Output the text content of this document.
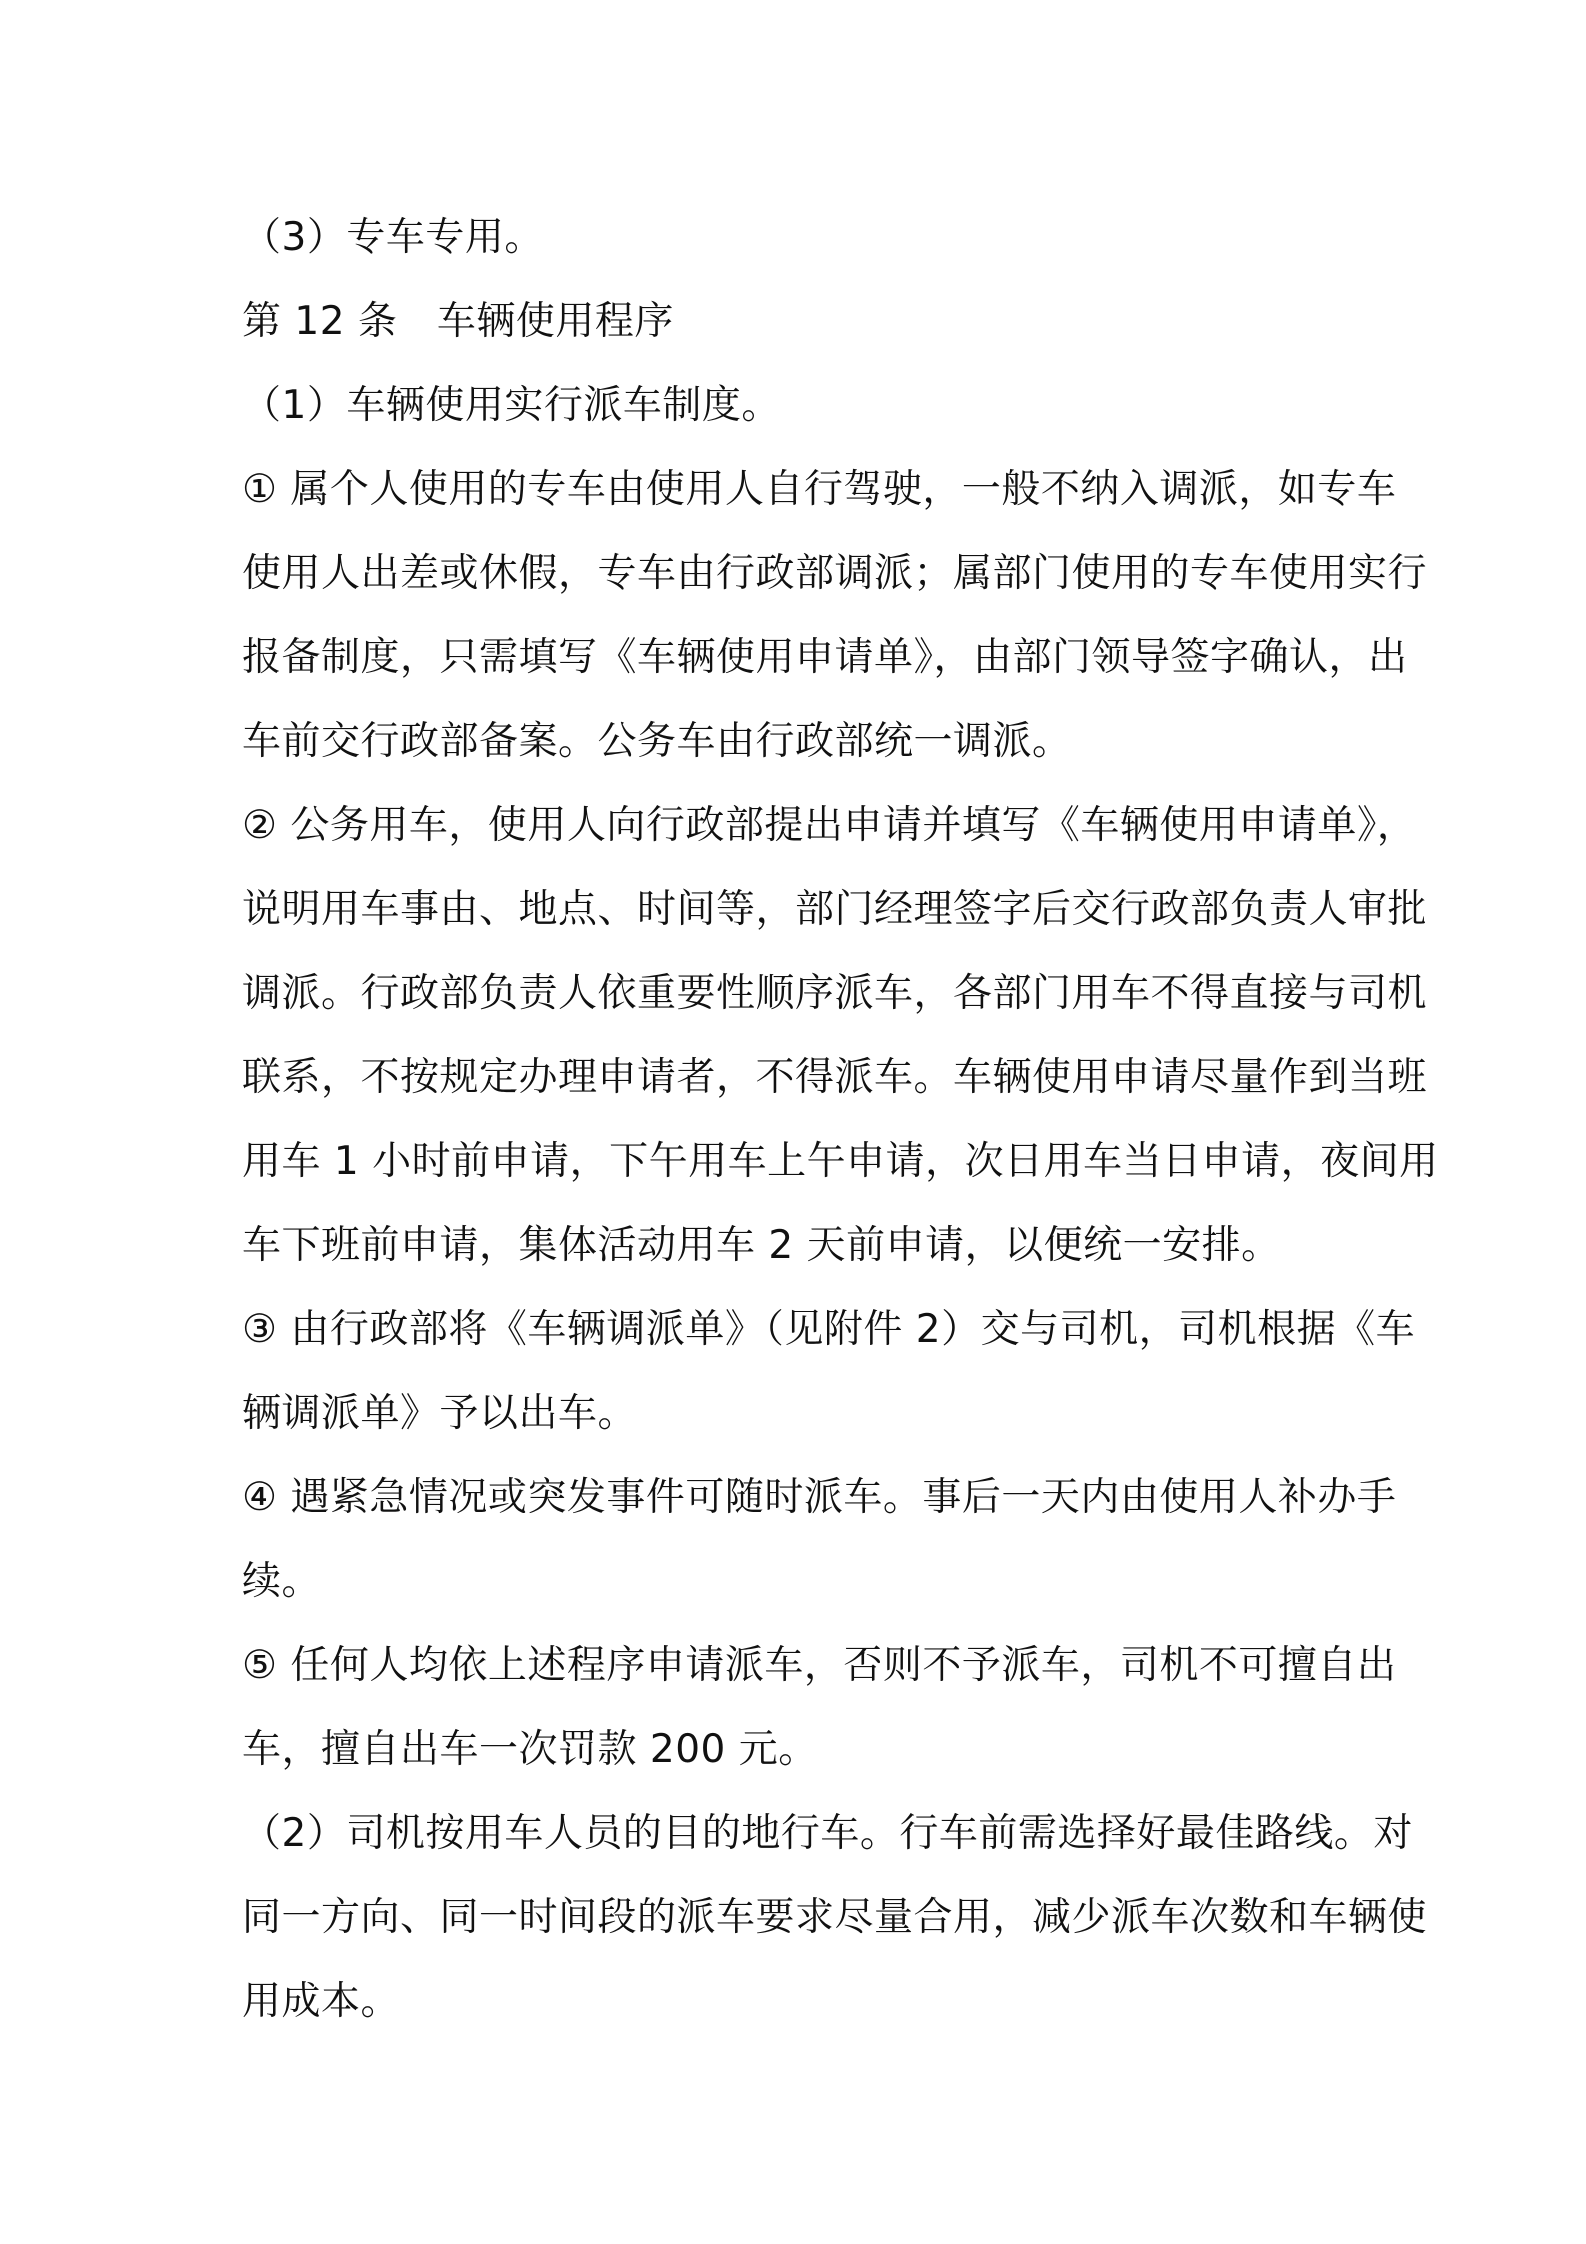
（3）专车专用。

第 12 条　车辆使用程序

（1）车辆使用实行派车制度。

① 属个人使用的专车由使用人自行驾驶，一般不纳入调派，如专车
使用人出差或休假，专车由行政部调派；属部门使用的专车使用实行
报备制度，只需填写《车辆使用申请单》，由部门领导签字确认，出
车前交行政部备案。公务车由行政部统一调派。

② 公务用车，使用人向行政部提出申请并填写《车辆使用申请单》，
说明用车事由、地点、时间等，部门经理签字后交行政部负责人审批
调派。行政部负责人依重要性顺序派车，各部门用车不得直接与司机
联系，不按规定办理申请者，不得派车。车辆使用申请尽量作到当班
用车 1 小时前申请，下午用车上午申请，次日用车当日申请，夜间用
车下班前申请，集体活动用车 2 天前申请，以便统一安排。

③ 由行政部将《车辆调派单》（见附件 2）交与司机，司机根据《车
辆调派单》予以出车。

④ 遇紧急情况或突发事件可随时派车。事后一天内由使用人补办手
续。

⑤ 任何人均依上述程序申请派车，否则不予派车，司机不可擅自出
车，擅自出车一次罚款 200 元。

（2）司机按用车人员的目的地行车。行车前需选择好最佳路线。对
同一方向、同一时间段的派车要求尽量合用，减少派车次数和车辆使
用成本。
